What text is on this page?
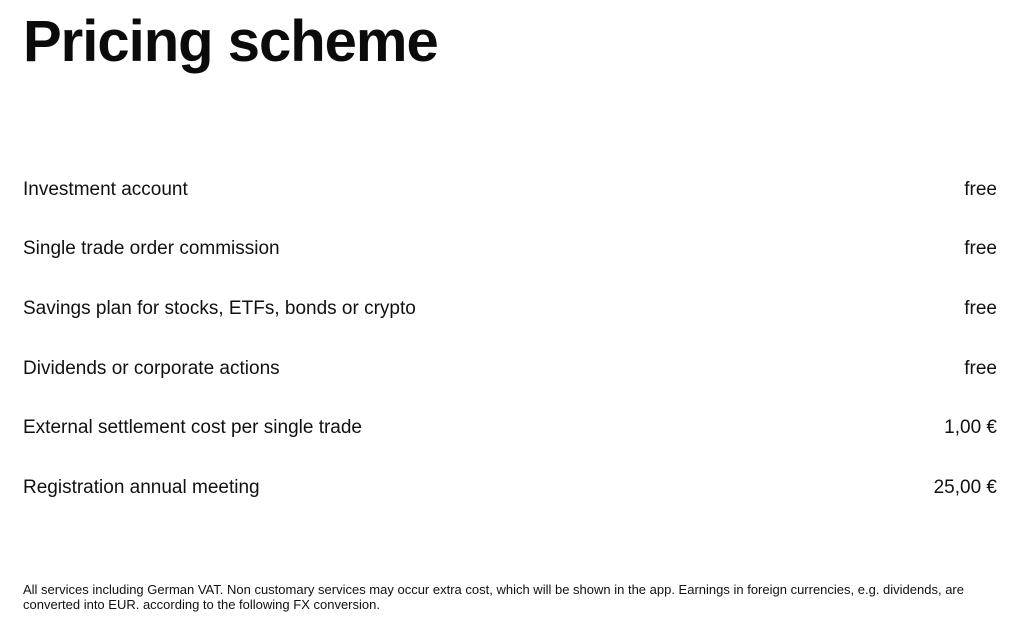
Pricing scheme
Investment account	free
Single trade order commission	free
Savings plan for stocks, ETFs, bonds or crypto	free
Dividends or corporate actions	free
External settlement cost per single trade	1,00 €
Registration annual meeting	25,00 €

All services including German VAT. Non customary services may occur extra cost, which will be shown in the app. Earnings in foreign currencies, e.g. dividends, are converted into EUR. according to the following FX conversion.
